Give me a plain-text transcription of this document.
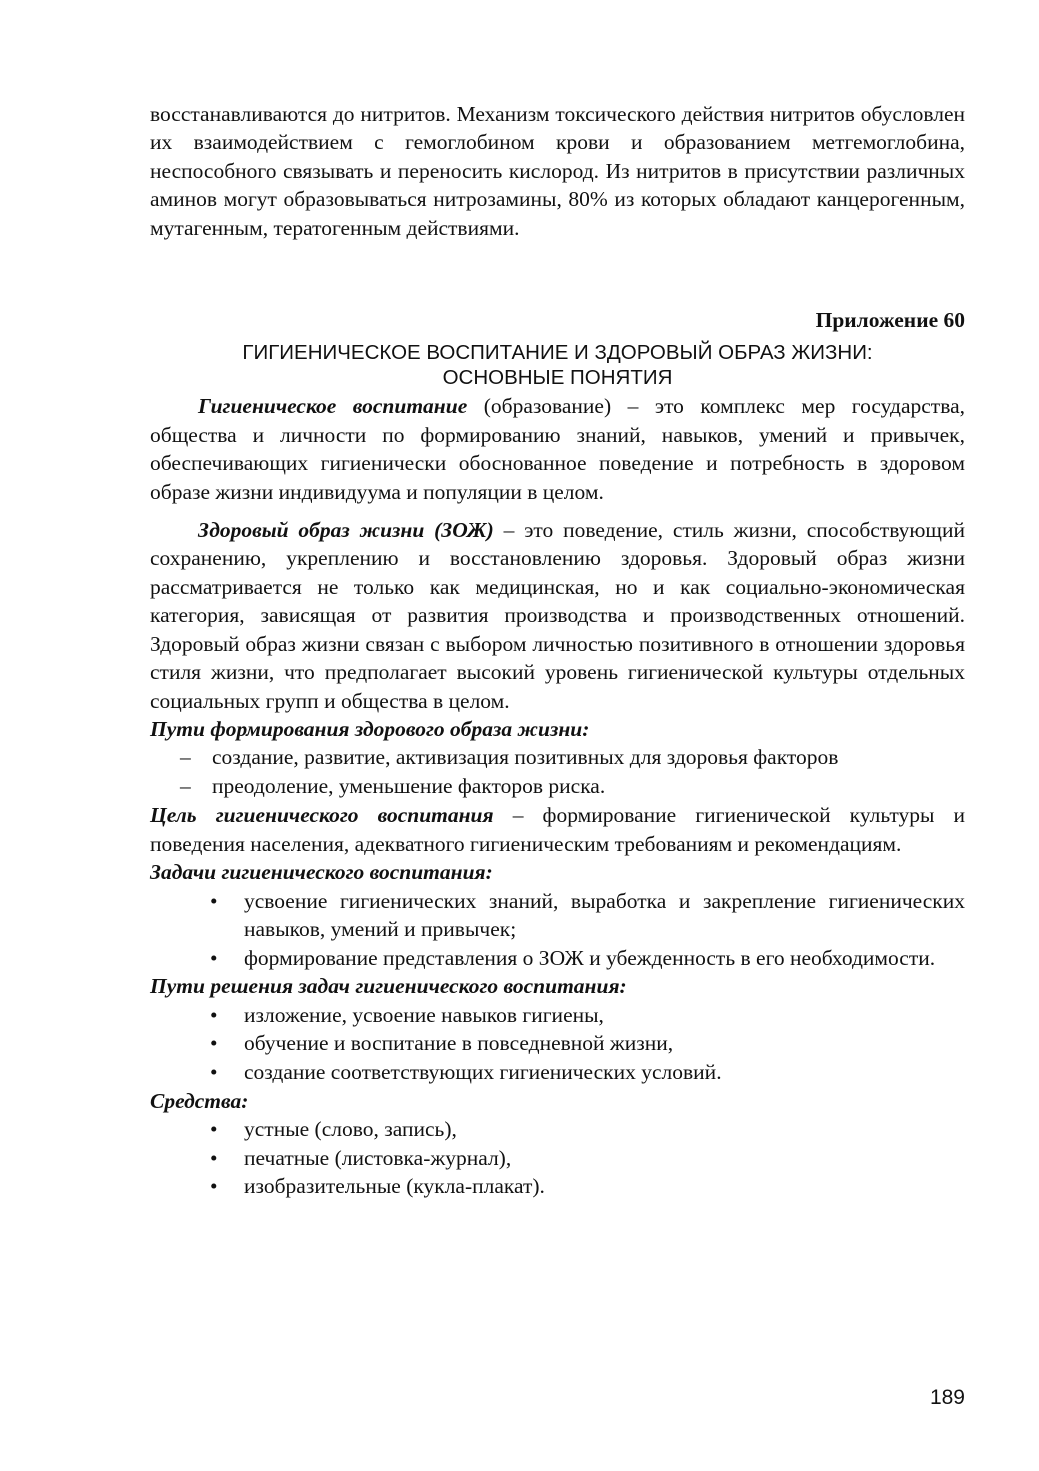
восстанавливаются до нитритов. Механизм токсического действия нитритов обусловлен их взаимодействием с гемоглобином крови и образованием метгемоглобина, неспособного связывать и переносить кислород. Из нитритов в присутствии различных аминов могут образовываться нитрозамины, 80% из которых обладают канцерогенным, мутагенным, тератогенным действиями.

Приложение 60
ГИГИЕНИЧЕСКОЕ ВОСПИТАНИЕ И ЗДОРОВЫЙ ОБРАЗ ЖИЗНИ:
ОСНОВНЫЕ ПОНЯТИЯ

Гигиеническое воспитание (образование) – это комплекс мер государства, общества и личности по формированию знаний, навыков, умений и привычек, обеспечивающих гигиенически обоснованное поведение и потребность в здоровом образе жизни индивидуума и популяции в целом.

Здоровый образ жизни (ЗОЖ) – это поведение, стиль жизни, способствующий сохранению, укреплению и восстановлению здоровья. Здоровый образ жизни рассматривается не только как медицинская, но и как социально-экономическая категория, зависящая от развития производства и производственных отношений. Здоровый образ жизни связан с выбором личностью позитивного в отношении здоровья стиля жизни, что предполагает высокий уровень гигиенической культуры отдельных социальных групп и общества в целом.

Пути формирования здорового образа жизни:
– создание, развитие, активизация позитивных для здоровья факторов
– преодоление, уменьшение факторов риска.

Цель гигиенического воспитания – формирование гигиенической культуры и поведения населения, адекватного гигиеническим требованиям и рекомендациям.

Задачи гигиенического воспитания:
• усвоение гигиенических знаний, выработка и закрепление гигиенических навыков, умений и привычек;
• формирование представления о ЗОЖ и убежденность в его необходимости.
Пути решения задач гигиенического воспитания:
• изложение, усвоение навыков гигиены,
• обучение и воспитание в повседневной жизни,
• создание соответствующих гигиенических условий.
Средства:
• устные (слово, запись),
• печатные (листовка-журнал),
• изобразительные (кукла-плакат).
189
